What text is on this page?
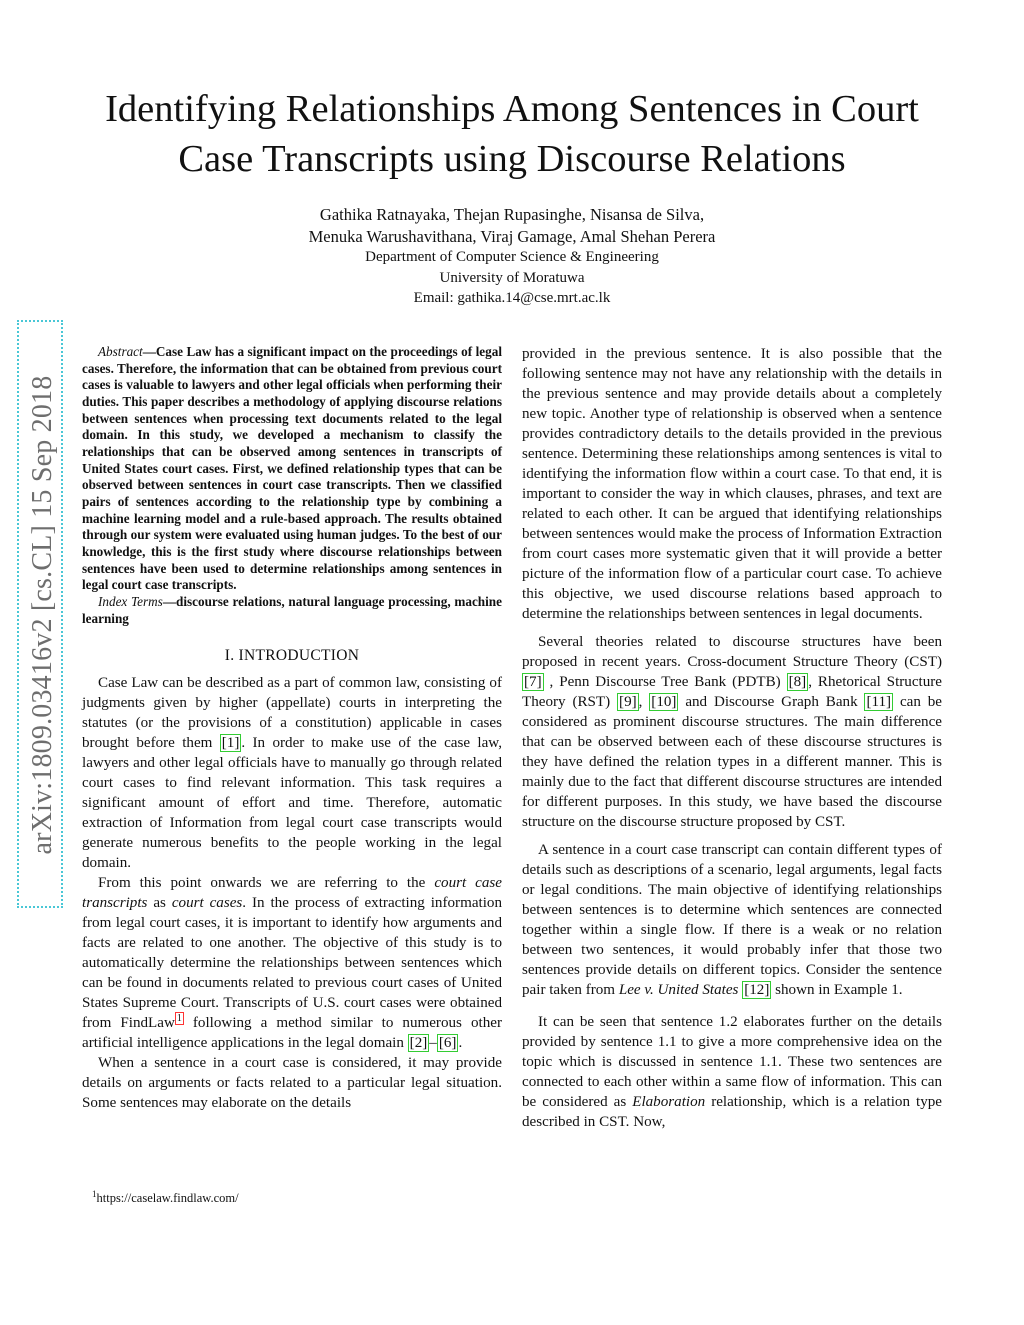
arXiv:1809.03416v2 [cs.CL] 15 Sep 2018
Identifying Relationships Among Sentences in Court Case Transcripts using Discourse Relations
Gathika Ratnayaka, Thejan Rupasinghe, Nisansa de Silva,
Menuka Warushavithana, Viraj Gamage, Amal Shehan Perera
Department of Computer Science & Engineering
University of Moratuwa
Email: gathika.14@cse.mrt.ac.lk

Abstract—Case Law has a significant impact on the proceedings of legal cases. Therefore, the information that can be obtained from previous court cases is valuable to lawyers and other legal officials when performing their duties. This paper describes a methodology of applying discourse relations between sentences when processing text documents related to the legal domain. In this study, we developed a mechanism to classify the relationships that can be observed among sentences in transcripts of United States court cases. First, we defined relationship types that can be observed between sentences in court case transcripts. Then we classified pairs of sentences according to the relationship type by combining a machine learning model and a rule-based approach. The results obtained through our system were evaluated using human judges. To the best of our knowledge, this is the first study where discourse relationships between sentences have been used to determine relationships among sentences in legal court case transcripts.

Index Terms—discourse relations, natural language processing, machine learning

I. INTRODUCTION

Case Law can be described as a part of common law, consisting of judgments given by higher (appellate) courts in interpreting the statutes (or the provisions of a constitution) applicable in cases brought before them [1] . In order to make use of the case law, lawyers and other legal officials have to manually go through related court cases to find relevant information. This task requires a significant amount of effort and time. Therefore, automatic extraction of Information from legal court case transcripts would generate numerous benefits to the people working in the legal domain.

From this point onwards we are referring to the court case transcripts as court cases. In the process of extracting information from legal court cases, it is important to identify how arguments and facts are related to one another. The objective of this study is to automatically determine the relationships between sentences which can be found in documents related to previous court cases of United States Supreme Court. Transcripts of U.S. court cases were obtained from FindLaw $^1$ following a method similar to numerous other artificial intelligence applications in the legal domain [2] – [6] .

When a sentence in a court case is considered, it may provide details on arguments or facts related to a particular legal situation. Some sentences may elaborate on the details

$^1$https://caselaw.findlaw.com/

provided in the previous sentence. It is also possible that the following sentence may not have any relationship with the details in the previous sentence and may provide details about a completely new topic. Another type of relationship is observed when a sentence provides contradictory details to the details provided in the previous sentence. Determining these relationships among sentences is vital to identifying the information flow within a court case. To that end, it is important to consider the way in which clauses, phrases, and text are related to each other. It can be argued that identifying relationships between sentences would make the process of Information Extraction from court cases more systematic given that it will provide a better picture of the information flow of a particular court case. To achieve this objective, we used discourse relations based approach to determine the relationships between sentences in legal documents.

Several theories related to discourse structures have been proposed in recent years. Cross-document Structure Theory (CST) [7] , Penn Discourse Tree Bank (PDTB) [8] , Rhetorical Structure Theory (RST) [9] , [10] and Discourse Graph Bank [11] can be considered as prominent discourse structures. The main difference that can be observed between each of these discourse structures is they have defined the relation types in a different manner. This is mainly due to the fact that different discourse structures are intended for different purposes. In this study, we have based the discourse structure on the discourse structure proposed by CST.

A sentence in a court case transcript can contain different types of details such as descriptions of a scenario, legal arguments, legal facts or legal conditions. The main objective of identifying relationships between sentences is to determine which sentences are connected together within a single flow. If there is a weak or no relation between two sentences, it would probably infer that those two sentences provide details on different topics. Consider the sentence pair taken from Lee v. United States [12] shown in Example 1.

It can be seen that sentence 1.2 elaborates further on the details provided by sentence 1.1 to give a more comprehensive idea on the topic which is discussed in sentence 1.1. These two sentences are connected to each other within a same flow of information. This can be considered as Elaboration relationship, which is a relation type described in CST. Now,
